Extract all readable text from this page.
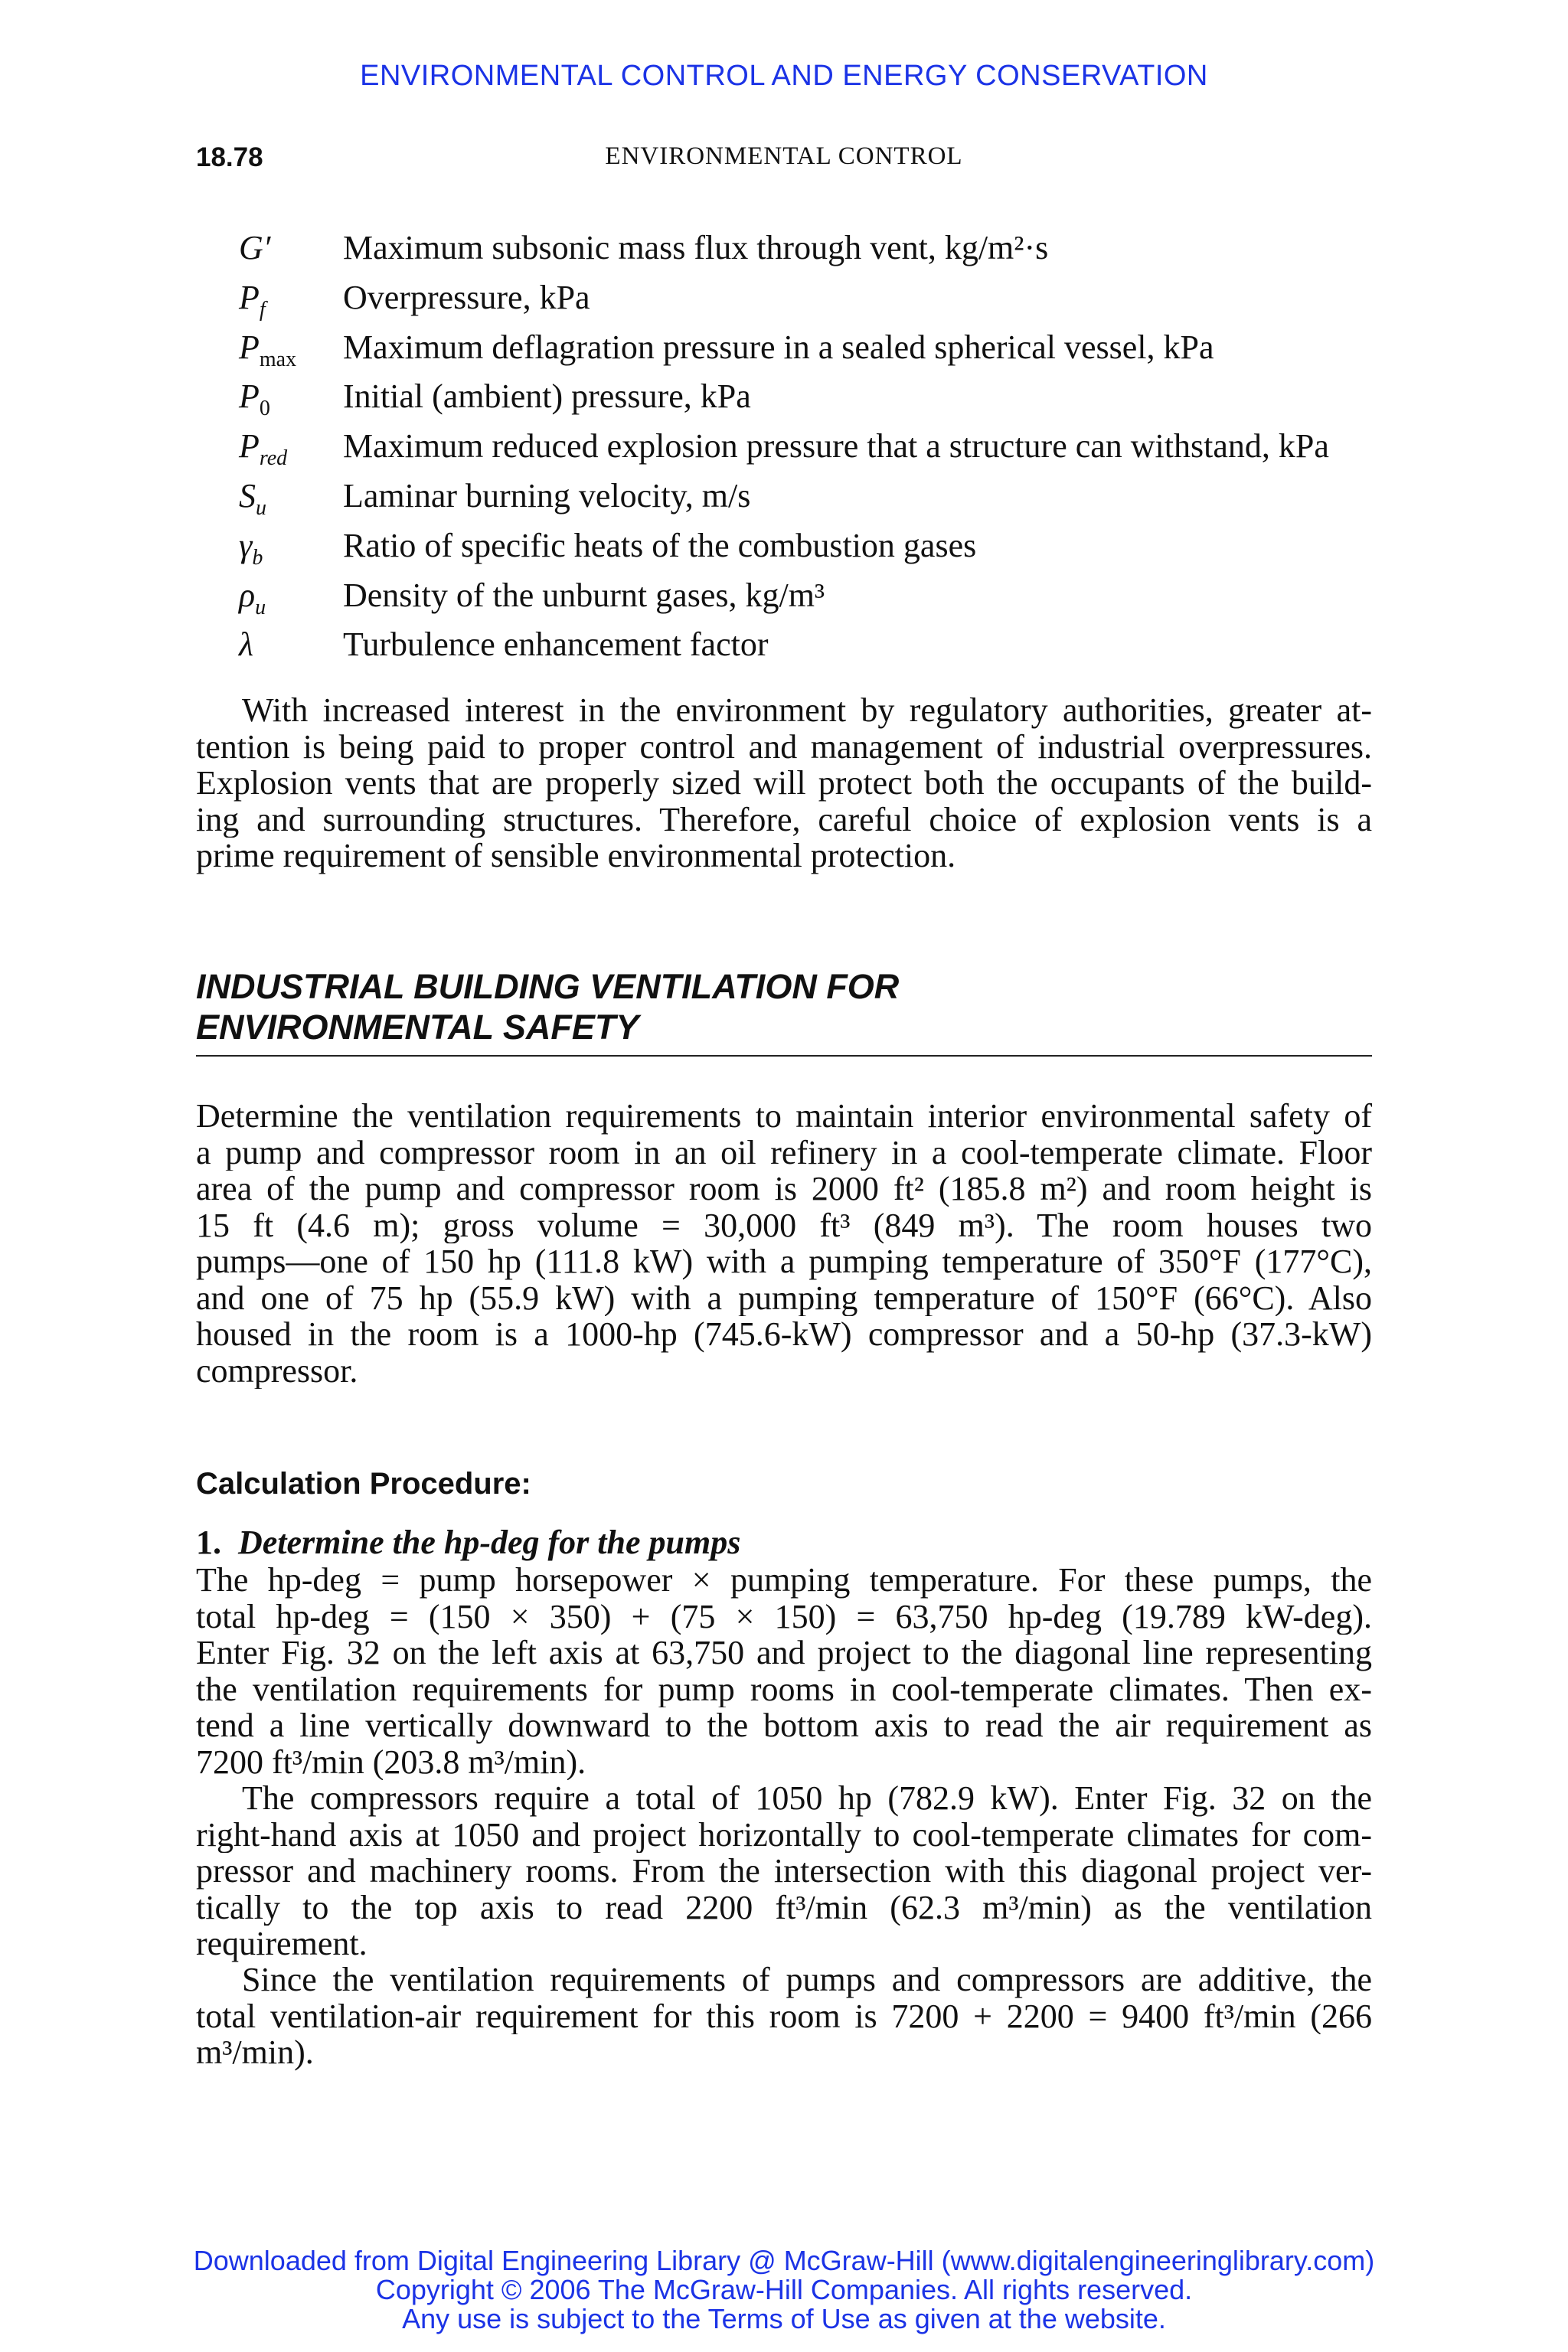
ENVIRONMENTAL CONTROL AND ENERGY CONSERVATION
18.78	ENVIRONMENTAL CONTROL
G′ Maximum subsonic mass flux through vent, kg/m²·s
$P_f$ Overpressure, kPa
$P_{max}$ Maximum deflagration pressure in a sealed spherical vessel, kPa
$P_0$ Initial (ambient) pressure, kPa
$P_{red}$ Maximum reduced explosion pressure that a structure can withstand, kPa
$S_u$ Laminar burning velocity, m/s
$\gamma_b$ Ratio of specific heats of the combustion gases
$\rho_u$ Density of the unburnt gases, kg/m³
λ	Turbulence enhancement factor
With increased interest in the environment by regulatory authorities, greater at-
tention is being paid to proper control and management of industrial overpressures.
Explosion vents that are properly sized will protect both the occupants of the build-
ing and surrounding structures. Therefore, careful choice of explosion vents is a
prime requirement of sensible environmental protection.
INDUSTRIAL BUILDING VENTILATION FOR
ENVIRONMENTAL SAFETY
Determine the ventilation requirements to maintain interior environmental safety of
a pump and compressor room in an oil refinery in a cool-temperate climate. Floor
area of the pump and compressor room is 2000 ft² (185.8 m²) and room height is
15 ft (4.6 m); gross volume = 30,000 ft³ (849 m³). The room houses two
pumps—one of 150 hp (111.8 kW) with a pumping temperature of 350°F (177°C),
and one of 75 hp (55.9 kW) with a pumping temperature of 150°F (66°C). Also
housed in the room is a 1000-hp (745.6-kW) compressor and a 50-hp (37.3-kW)
compressor.
Calculation Procedure:
1. Determine the hp-deg for the pumps
The hp-deg = pump horsepower × pumping temperature. For these pumps, the
total hp-deg = (150 × 350) + (75 × 150) = 63,750 hp-deg (19.789 kW-deg).
Enter Fig. 32 on the left axis at 63,750 and project to the diagonal line representing
the ventilation requirements for pump rooms in cool-temperate climates. Then ex-
tend a line vertically downward to the bottom axis to read the air requirement as
7200 ft³/min (203.8 m³/min).
The compressors require a total of 1050 hp (782.9 kW). Enter Fig. 32 on the
right-hand axis at 1050 and project horizontally to cool-temperate climates for com-
pressor and machinery rooms. From the intersection with this diagonal project ver-
tically to the top axis to read 2200 ft³/min (62.3 m³/min) as the ventilation
requirement.
Since the ventilation requirements of pumps and compressors are additive, the
total ventilation-air requirement for this room is 7200 + 2200 = 9400 ft³/min (266
m³/min).
Downloaded from Digital Engineering Library @ McGraw-Hill (www.digitalengineeringlibrary.com)
Copyright © 2006 The McGraw-Hill Companies. All rights reserved.
Any use is subject to the Terms of Use as given at the website.
